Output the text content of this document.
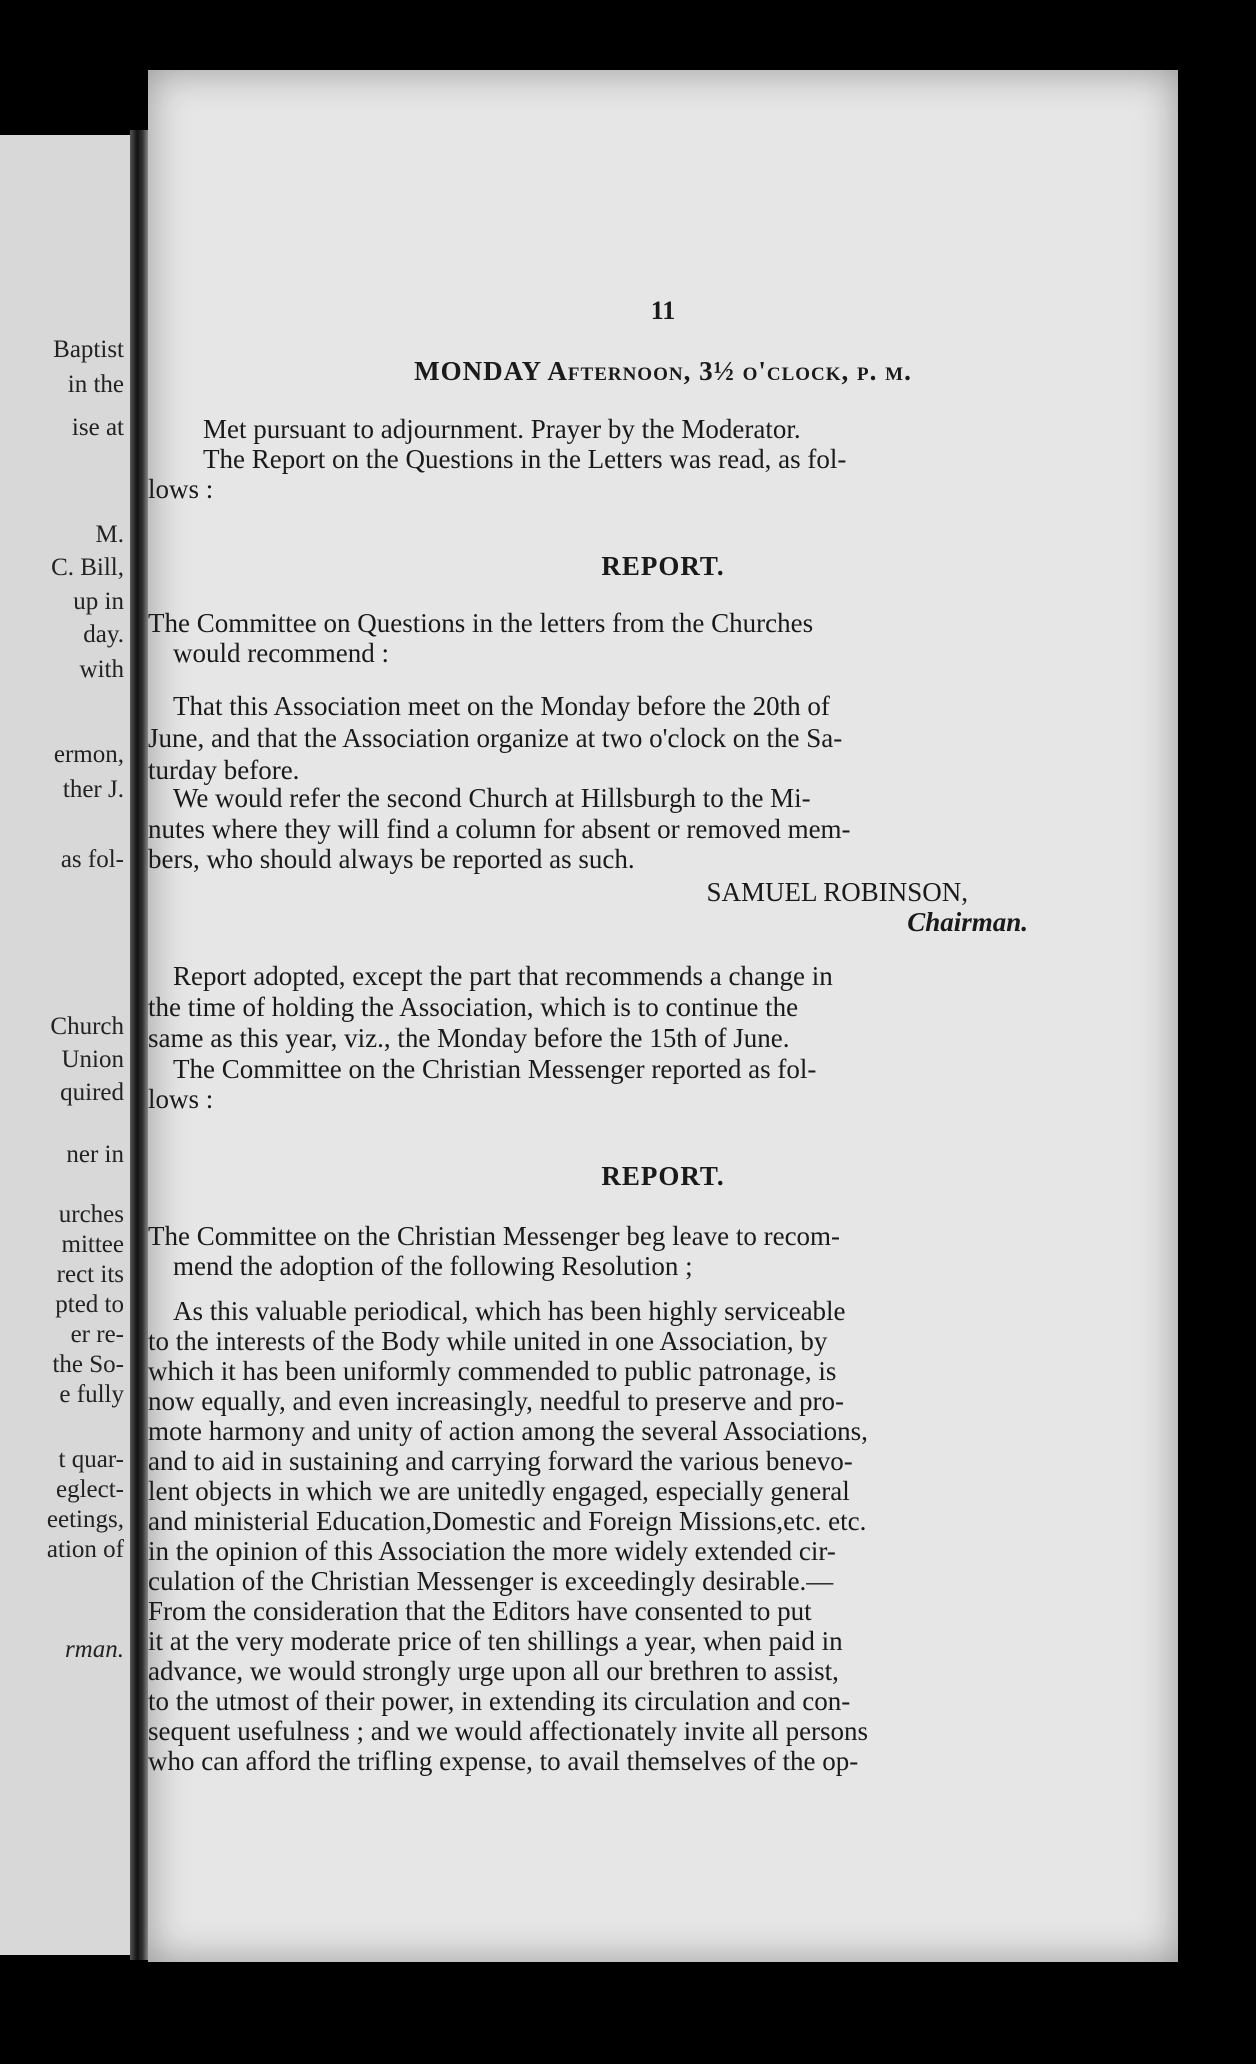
Baptist
in the
ise at
M.
C. Bill,
up in
day.
with
ermon,
ther J.
as fol-
Church
Union
quired
ner in
urches
mittee
rect its
pted to
er re-
the So-
e fully
t quar-
eglect-
eetings,
ation of
rman.
11
MONDAY Afternoon, 3½ o'clock, p. m.
Met pursuant to adjournment. Prayer by the Moderator.
The Report on the Questions in the Letters was read, as fol-
lows :
REPORT.
The Committee on Questions in the letters from the Churches
would recommend :
That this Association meet on the Monday before the 20th of
June, and that the Association organize at two o'clock on the Sa-
turday before.
We would refer the second Church at Hillsburgh to the Mi-
nutes where they will find a column for absent or removed mem-
bers, who should always be reported as such.
SAMUEL ROBINSON,
Chairman.
Report adopted, except the part that recommends a change in
the time of holding the Association, which is to continue the
same as this year, viz., the Monday before the 15th of June.
The Committee on the Christian Messenger reported as fol-
lows :
REPORT.
The Committee on the Christian Messenger beg leave to recom-
mend the adoption of the following Resolution ;
As this valuable periodical, which has been highly serviceable
to the interests of the Body while united in one Association, by
which it has been uniformly commended to public patronage, is
now equally, and even increasingly, needful to preserve and pro-
mote harmony and unity of action among the several Associations,
and to aid in sustaining and carrying forward the various benevo-
lent objects in which we are unitedly engaged, especially general
and ministerial Education,Domestic and Foreign Missions,etc. etc.
in the opinion of this Association the more widely extended cir-
culation of the Christian Messenger is exceedingly desirable.—
From the consideration that the Editors have consented to put
it at the very moderate price of ten shillings a year, when paid in
advance, we would strongly urge upon all our brethren to assist,
to the utmost of their power, in extending its circulation and con-
sequent usefulness ; and we would affectionately invite all persons
who can afford the trifling expense, to avail themselves of the op-
